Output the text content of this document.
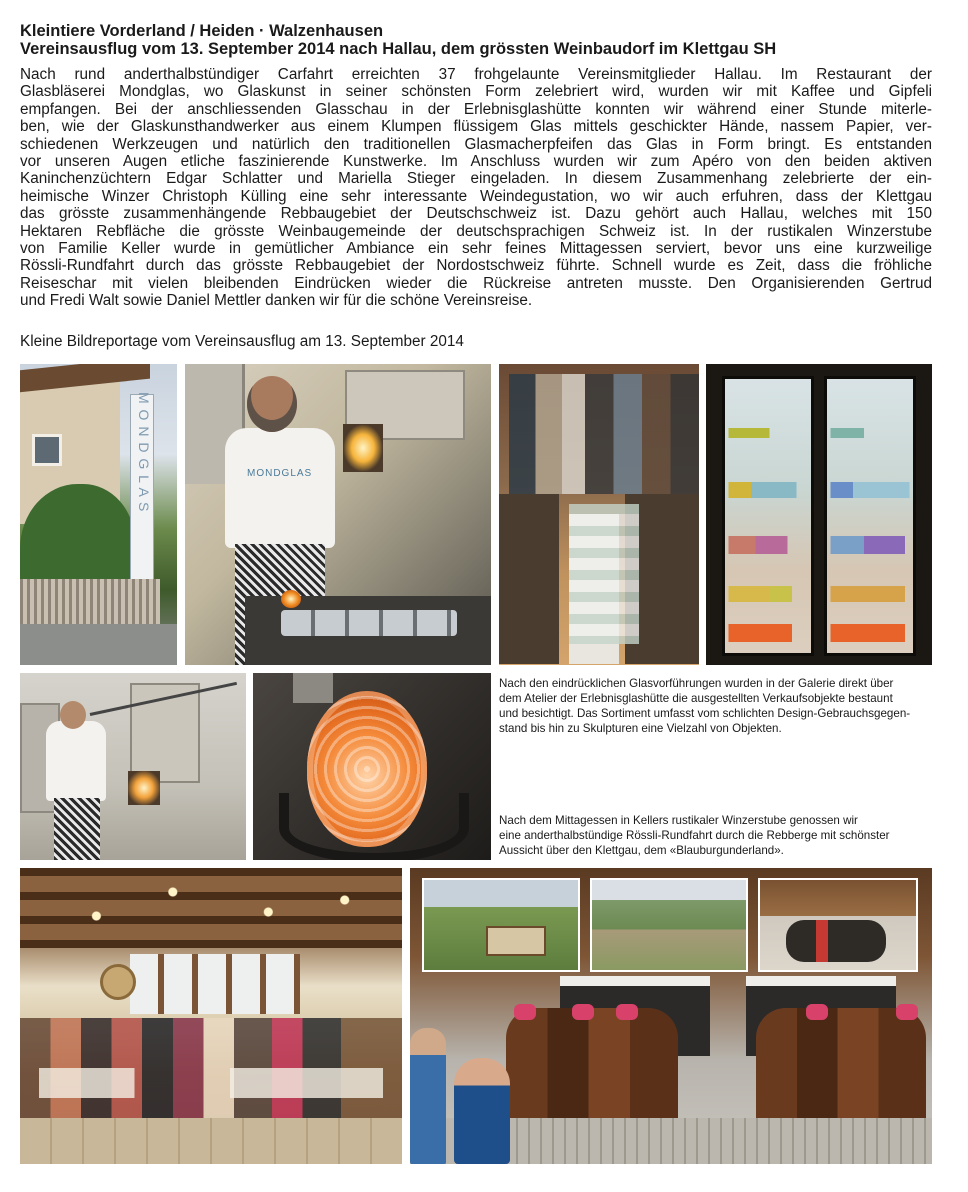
Kleintiere Vorderland / Heiden · Walzenhausen
Vereinsausflug vom 13. September 2014 nach Hallau, dem grössten Weinbaudorf im Klettgau SH
Nach rund anderthalbstündiger Carfahrt erreichten 37 frohgelaunte Vereinsmitglieder Hallau. Im Restaurant der
Glasbläserei Mondglas, wo Glaskunst in seiner schönsten Form zelebriert wird, wurden wir mit Kaffee und Gipfeli
empfangen. Bei der anschliessenden Glasschau in der Erlebnisglashütte konnten wir während einer Stunde miterle-
ben, wie der Glaskunsthandwerker aus einem Klumpen flüssigem Glas mittels geschickter Hände, nassem Papier, ver-
schiedenen Werkzeugen und natürlich den traditionellen Glasmacherpfeifen das Glas in Form bringt. Es entstanden
vor unseren Augen etliche faszinierende Kunstwerke. Im Anschluss wurden wir zum Apéro von den beiden aktiven
Kaninchenzüchtern Edgar Schlatter und Mariella Stieger eingeladen. In diesem Zusammenhang zelebrierte der ein-
heimische Winzer Christoph Külling eine sehr interessante Weindegustation, wo wir auch erfuhren, dass der Klettgau
das grösste zusammenhängende Rebbaugebiet der Deutschschweiz ist. Dazu gehört auch Hallau, welches mit 150
Hektaren Rebfläche die grösste Weinbaugemeinde der deutschsprachigen Schweiz ist. In der rustikalen Winzerstube
von Familie Keller wurde in gemütlicher Ambiance ein sehr feines Mittagessen serviert, bevor uns eine kurzweilige
Rössli-Rundfahrt durch das grösste Rebbaugebiet der Nordostschweiz führte. Schnell wurde es Zeit, dass die fröhliche
Reiseschar mit vielen bleibenden Eindrücken wieder die Rückreise antreten musste. Den Organisierenden Gertrud
und Fredi Walt sowie Daniel Mettler danken wir für die schöne Vereinsreise.
Kleine Bildreportage vom Vereinsausflug am 13. September 2014
M O N D G L A S
MONDGLAS
Nach den eindrücklichen Glasvorführungen wurden in der Galerie direkt über
dem Atelier der Erlebnisglashütte die ausgestellten Verkaufsobjekte bestaunt
und besichtigt. Das Sortiment umfasst vom schlichten Design-Gebrauchsgegen-
stand bis hin zu Skulpturen eine Vielzahl von Objekten.
Nach dem Mittagessen in Kellers rustikaler Winzerstube genossen wir
eine anderthalbstündige Rössli-Rundfahrt durch die Rebberge mit schönster
Aussicht über den Klettgau, dem «Blauburgunderland».
